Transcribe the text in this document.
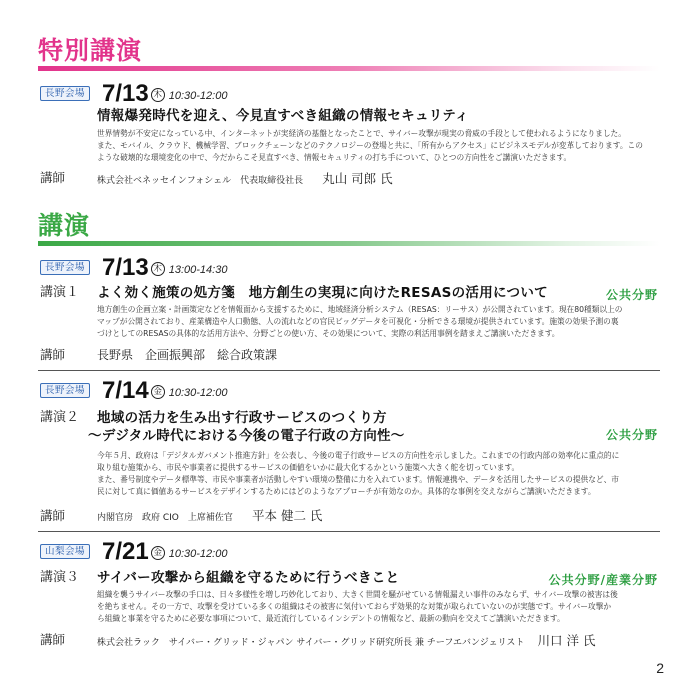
特別講演
長野会場 7/13 木 10:30-12:00
情報爆発時代を迎え、今見直すべき組織の情報セキュリティ

世界情勢が不安定になっている中、インターネットが実経済の基盤となったことで、サイバー攻撃が現実の脅威の手段として使われるようになりました。

また、モバイル、クラウド、機械学習、ブロックチェーンなどのテクノロジーの登場と共に、「所有からアクセス」にビジネスモデルが変革しております。この

ような破壊的な環境変化の中で、今だからこそ見直すべき、情報セキュリティの打ち手について、ひとつの方向性をご講演いただきます。

講師	株式会社ベネッセインフォシェル　代表取締役社長 丸山 司郎 氏
講演
長野会場 7/13 木 13:00-14:30
講演１ よく効く施策の処方箋　地方創生の実現に向けたRESASの活用について	公共分野

地方創生の企画立案・計画策定などを情報面から支援するために、地域経済分析システム（RESAS：リーサス）が公開されています。現在80種類以上の

マップが公開されており、産業構造や人口動態、人の流れなどの官民ビッグデータを可視化・分析できる環境が提供されています。施策の効果予測の裏

づけとしてのRESASの具体的な活用方法や、分野ごとの使い方、その効果について、実際の利活用事例を踏まえご講演いただきます。

講師	長野県　企画振興部　総合政策課
長野会場 7/14 金 10:30-12:00
講演２ 地域の活力を生み出す行政サービスのつくり方
～デジタル時代における今後の電子行政の方向性～	公共分野

今年５月、政府は「デジタルガバメント推進方針」を公表し、今後の電子行政サービスの方向性を示しました。これまでの行政内部の効率化に重点的に

取り組む施策から、市民や事業者に提供するサービスの価値をいかに最大化するかという施策へ大きく舵を切っています。

また、番号制度やデータ標準等、市民や事業者が活動しやすい環境の整備に力を入れています。情報連携や、データを活用したサービスの提供など、市

民に対して真に価値あるサービスをデザインするためにはどのようなアプローチが有効なのか。具体的な事例を交えながらご講演いただきます。

講師	内閣官房　政府 CIO　上席補佐官 平本 健二 氏
山梨会場 7/21 金 10:30-12:00
講演３ サイバー攻撃から組織を守るために行うべきこと	公共分野/産業分野

組織を襲うサイバー攻撃の手口は、日々多様性を増し巧妙化しており、大きく世間を騒がせている情報漏えい事件のみならず、サイバー攻撃の被害は後

を絶ちません。その一方で、攻撃を受けている多くの組織はその被害に気付いておらず効果的な対策が取られていないのが実態です。サイバー攻撃か

ら組織と事業を守るために必要な事項について、最近流行しているインシデントの情報など、最新の動向を交えてご講演いただきます。

講師	株式会社ラック　サイバー・グリッド・ジャパン サイバー・グリッド研究所長 兼 チーフエバンジェリスト 川口 洋 氏
2
